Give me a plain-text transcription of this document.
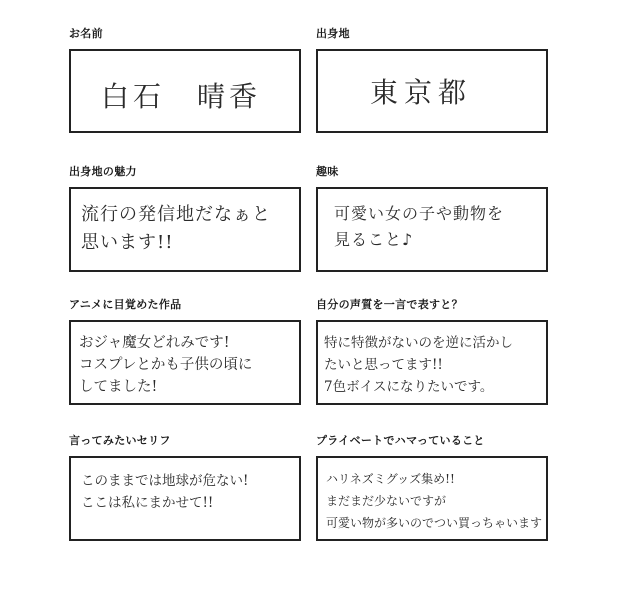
お名前
白石　晴香
出身地
東京都
出身地の魅力
流行の発信地だなぁと
思います!!
趣味
可愛い女の子や動物を
見ること♪
アニメに目覚めた作品
おジャ魔女どれみです!
コスプレとかも子供の頃に
してました!
自分の声質を一言で表すと？
特に特徴がないのを逆に活かし
たいと思ってます!!
7色ボイスになりたいです。
言ってみたいセリフ
このままでは地球が危ない!
ここは私にまかせて!!
プライベートでハマっていること
ハリネズミグッズ集め!!
まだまだ少ないですが
可愛い物が多いのでつい買っちゃいます
